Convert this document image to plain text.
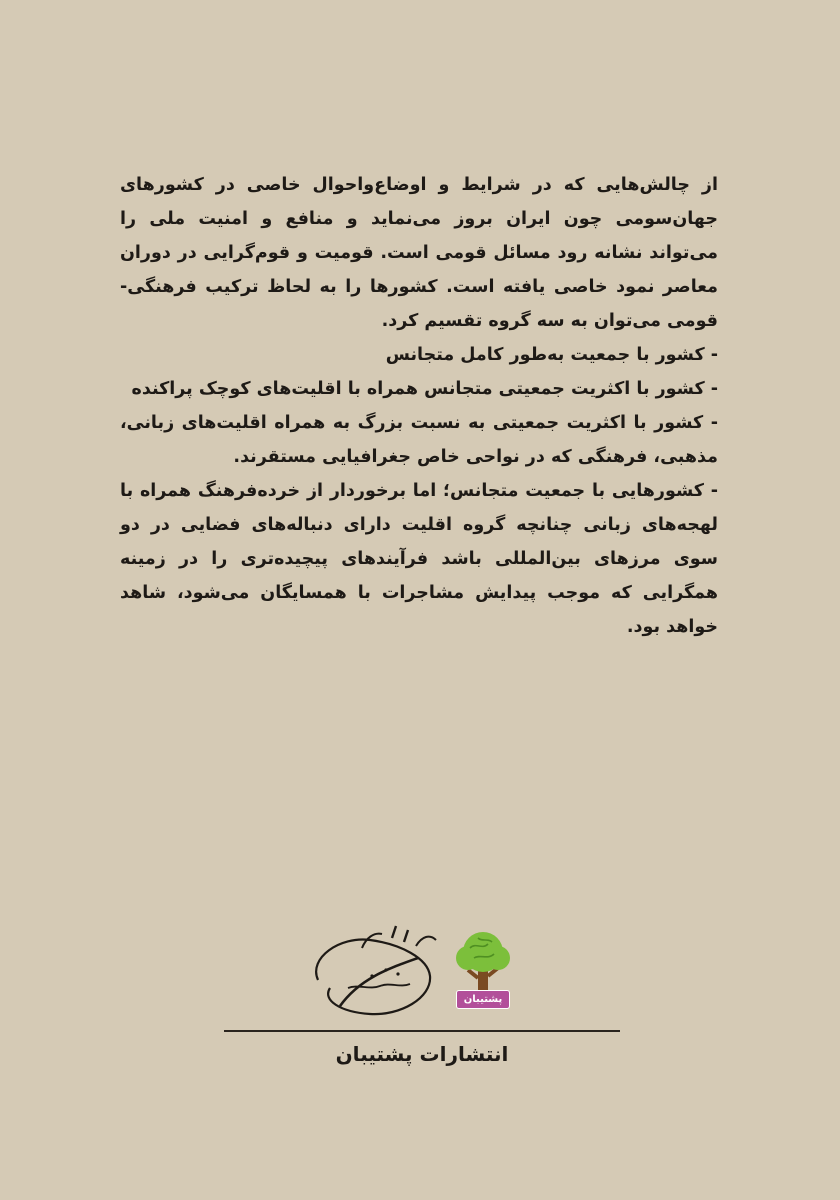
از چالش‌هایی که در شرایط و اوضاع‌واحوال خاصی در کشورهای جهان‌سومی چون ایران بروز می‌نماید و منافع و امنیت ملی را می‌تواند نشانه رود مسائل قومی است. قومیت و قوم‌گرایی در دوران معاصر نمود خاصی یافته است. کشورها را به لحاظ ترکیب فرهنگی- قومی می‌توان به سه گروه تقسیم کرد.

- کشور با جمعیت به‌طور کامل متجانس

- کشور با اکثریت جمعیتی متجانس همراه با اقلیت‌های کوچک پراکنده

- کشور با اکثریت جمعیتی به نسبت بزرگ به همراه اقلیت‌های زبانی، مذهبی، فرهنگی که در نواحی خاص جغرافیایی مستقرند.

- کشورهایی با جمعیت متجانس؛ اما برخوردار از خرده‌فرهنگ همراه با لهجه‌های زبانی چنانچه گروه اقلیت دارای دنباله‌های فضایی در دو سوی مرزهای بین‌المللی باشد فرآیندهای پیچیده‌تری را در زمینه همگرایی که موجب پیدایش مشاجرات با همسایگان می‌شود، شاهد خواهد بود.

پشتیبان
انتشارات پشتیبان
